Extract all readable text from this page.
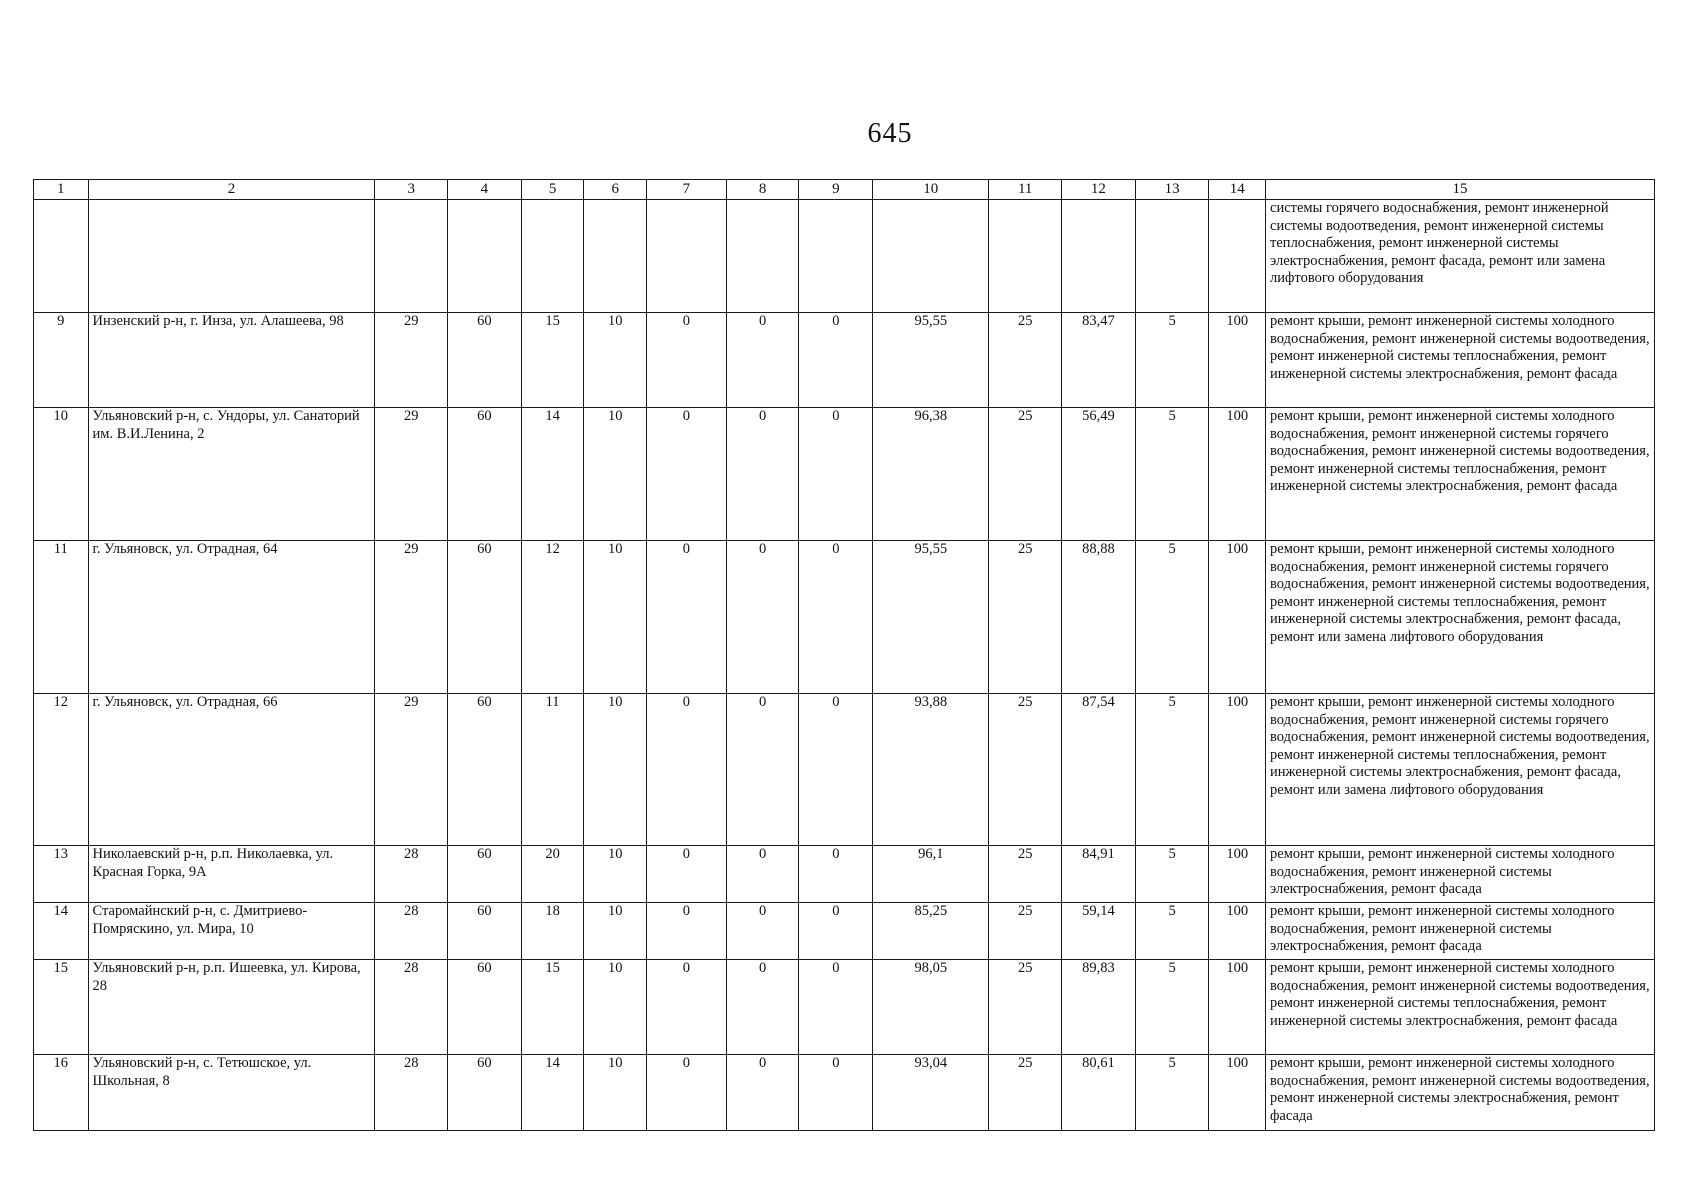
645
1	2	3	4	5	6	7	8	9	10	11	12	13	14	15
														системы горячего водоснабжения, ремонт инженерной системы водоотведения, ремонт инженерной системы теплоснабжения, ремонт инженерной системы электроснабжения, ремонт фасада, ремонт или замена лифтового оборудования
9	Инзенский р-н, г. Инза, ул. Алашеева, 98	29	60	15	10	0	0	0	95,55	25	83,47	5	100	ремонт крыши, ремонт инженерной системы холодного водоснабжения, ремонт инженерной системы водоотведения, ремонт инженерной системы теплоснабжения, ремонт инженерной системы электроснабжения, ремонт фасада
10	Ульяновский р-н, с. Ундоры, ул. Санаторий им. В.И.Ленина, 2	29	60	14	10	0	0	0	96,38	25	56,49	5	100	ремонт крыши, ремонт инженерной системы холодного водоснабжения, ремонт инженерной системы горячего водоснабжения, ремонт инженерной системы водоотведения, ремонт инженерной системы теплоснабжения, ремонт инженерной системы электроснабжения, ремонт фасада
11	г. Ульяновск, ул. Отрадная, 64	29	60	12	10	0	0	0	95,55	25	88,88	5	100	ремонт крыши, ремонт инженерной системы холодного водоснабжения, ремонт инженерной системы горячего водоснабжения, ремонт инженерной системы водоотведения, ремонт инженерной системы теплоснабжения, ремонт инженерной системы электроснабжения, ремонт фасада, ремонт или замена лифтового оборудования
12	г. Ульяновск, ул. Отрадная, 66	29	60	11	10	0	0	0	93,88	25	87,54	5	100	ремонт крыши, ремонт инженерной системы холодного водоснабжения, ремонт инженерной системы горячего водоснабжения, ремонт инженерной системы водоотведения, ремонт инженерной системы теплоснабжения, ремонт инженерной системы электроснабжения, ремонт фасада, ремонт или замена лифтового оборудования
13	Николаевский р-н, р.п. Николаевка, ул. Красная Горка, 9А	28	60	20	10	0	0	0	96,1	25	84,91	5	100	ремонт крыши, ремонт инженерной системы холодного водоснабжения, ремонт инженерной системы электроснабжения, ремонт фасада
14	Старомайнский р-н, с. Дмитриево-Помряскино, ул. Мира, 10	28	60	18	10	0	0	0	85,25	25	59,14	5	100	ремонт крыши, ремонт инженерной системы холодного водоснабжения, ремонт инженерной системы электроснабжения, ремонт фасада
15	Ульяновский р-н, р.п. Ишеевка, ул. Кирова, 28	28	60	15	10	0	0	0	98,05	25	89,83	5	100	ремонт крыши, ремонт инженерной системы холодного водоснабжения, ремонт инженерной системы водоотведения, ремонт инженерной системы теплоснабжения, ремонт инженерной системы электроснабжения, ремонт фасада
16	Ульяновский р-н, с. Тетюшское, ул. Школьная, 8	28	60	14	10	0	0	0	93,04	25	80,61	5	100	ремонт крыши, ремонт инженерной системы холодного водоснабжения, ремонт инженерной системы водоотведения, ремонт инженерной системы электроснабжения, ремонт фасада
